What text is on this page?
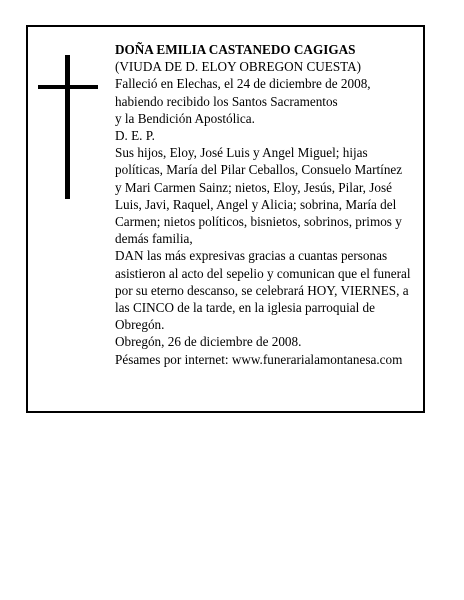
DOÑA EMILIA CASTANEDO CAGIGAS
(VIUDA DE D. ELOY OBREGON CUESTA)
Falleció en Elechas, el 24 de diciembre de 2008,
habiendo recibido los Santos Sacramentos
y la Bendición Apostólica.
D. E. P.
Sus hijos, Eloy, José Luis y Angel Miguel; hijas
políticas, María del Pilar Ceballos, Consuelo Martínez
y Mari Carmen Sainz; nietos, Eloy, Jesús, Pilar, José
Luis, Javi, Raquel, Angel y Alicia; sobrina, María del
Carmen; nietos políticos, bisnietos, sobrinos, primos y
demás familia,
DAN las más expresivas gracias a cuantas personas
asistieron al acto del sepelio y comunican que el funeral
por su eterno descanso, se celebrará HOY, VIERNES, a
las CINCO de la tarde, en la iglesia parroquial de
Obregón.
Obregón, 26 de diciembre de 2008.
Pésames por internet: www.funerarialamontanesa.com
